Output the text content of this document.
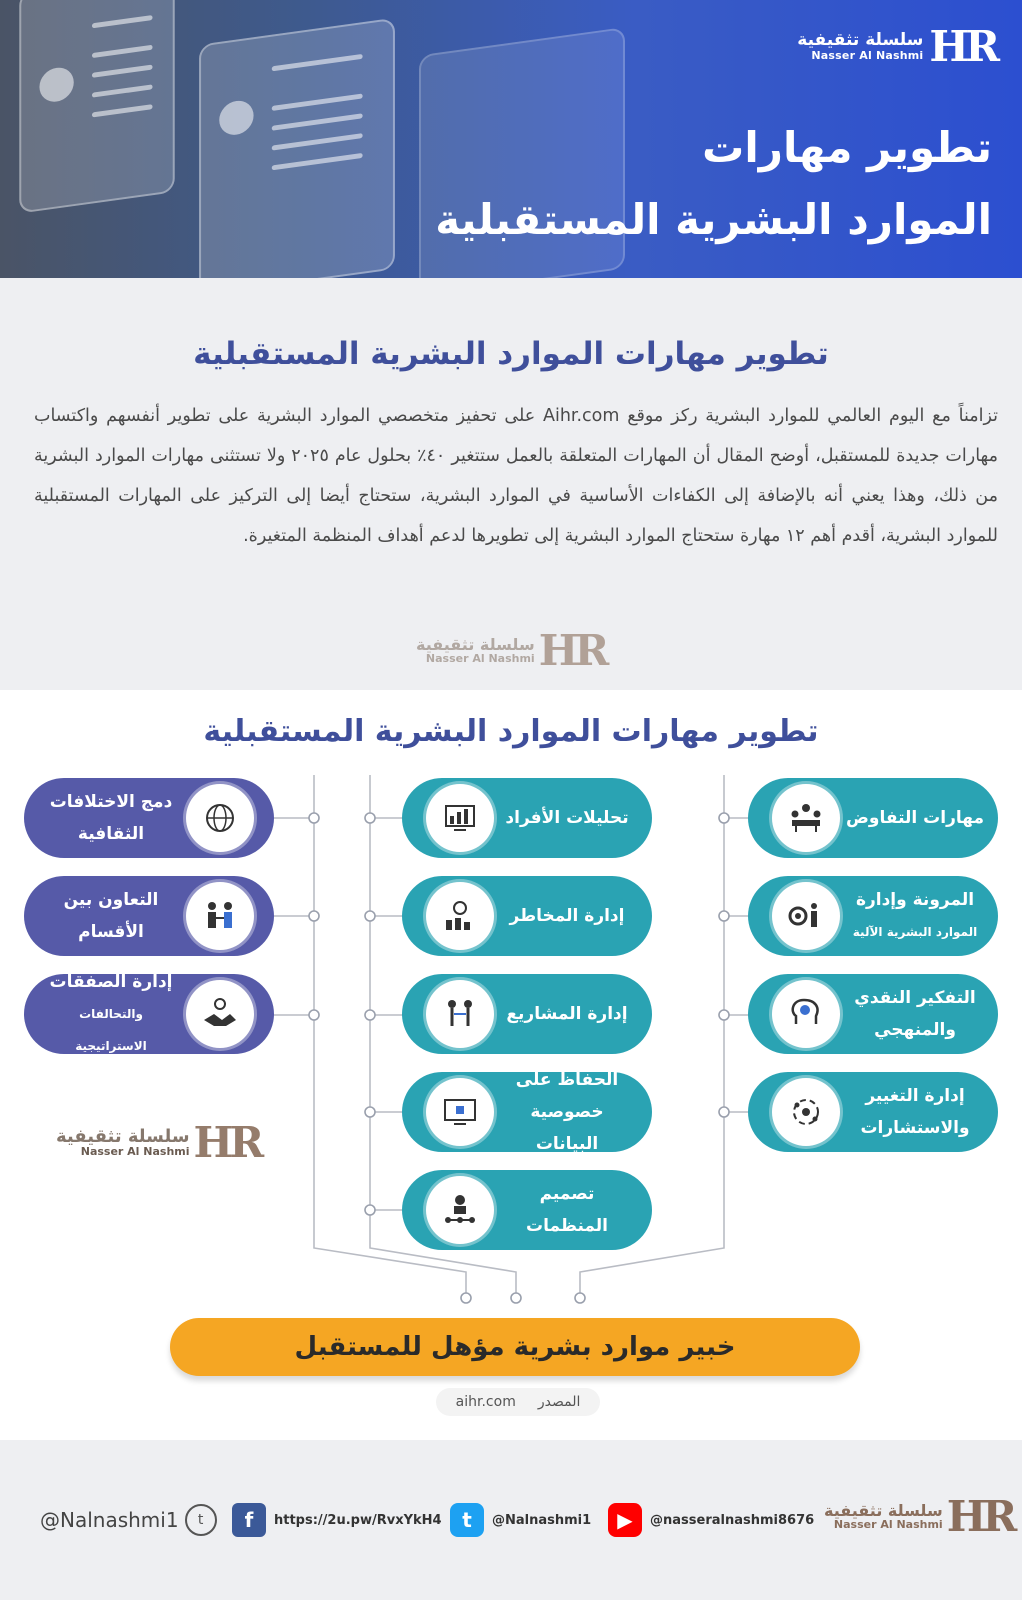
سلسلة تثقيفية
Nasser Al Nashmi HR
تطوير مهارات
الموارد البشرية المستقبلية
تطوير مهارات الموارد البشرية المستقبلية

تزامناً مع اليوم العالمي للموارد البشرية ركز موقع Aihr.com على تحفيز متخصصي الموارد البشرية على تطوير أنفسهم واكتساب مهارات جديدة للمستقبل، أوضح المقال أن المهارات المتعلقة بالعمل ستتغير ٤٠٪ بحلول عام ٢٠٢٥ ولا تستثنى مهارات الموارد البشرية من ذلك، وهذا يعني أنه بالإضافة إلى الكفاءات الأساسية في الموارد البشرية، ستحتاج أيضا إلى التركيز على المهارات المستقبلية للموارد البشرية، أقدم أهم ١٢ مهارة ستحتاج الموارد البشرية إلى تطويرها لدعم أهداف المنظمة المتغيرة.

سلسلة تثقيفية
Nasser Al Nashmi HR
تطوير مهارات الموارد البشرية المستقبلية
دمج الاختلافات
الثقافية
التعاون بين
الأقسام
إدارة الصفقات
والتحالفات الاستراتيجية
تحليلات الأفراد
إدارة المخاطر
إدارة المشاريع
الحفاظ على
خصوصية البيانات
تصميم
المنظمات
مهارات التفاوض
المرونة وإدارة
الموارد البشرية الآلية
التفكير النقدي
والمنهجي
إدارة التغيير
والاستشارات
سلسلة تثقيفية
Nasser Al Nashmi HR
خبير موارد بشرية مؤهل للمستقبل
المصدر
aihr.com
@Nalnashmi1	t	f	https://2u.pw/RvxYkH4	t	@Nalnashmi1	▶	@nasseralnashmi8676
سلسلة تثقيفية
Nasser Al Nashmi HR
